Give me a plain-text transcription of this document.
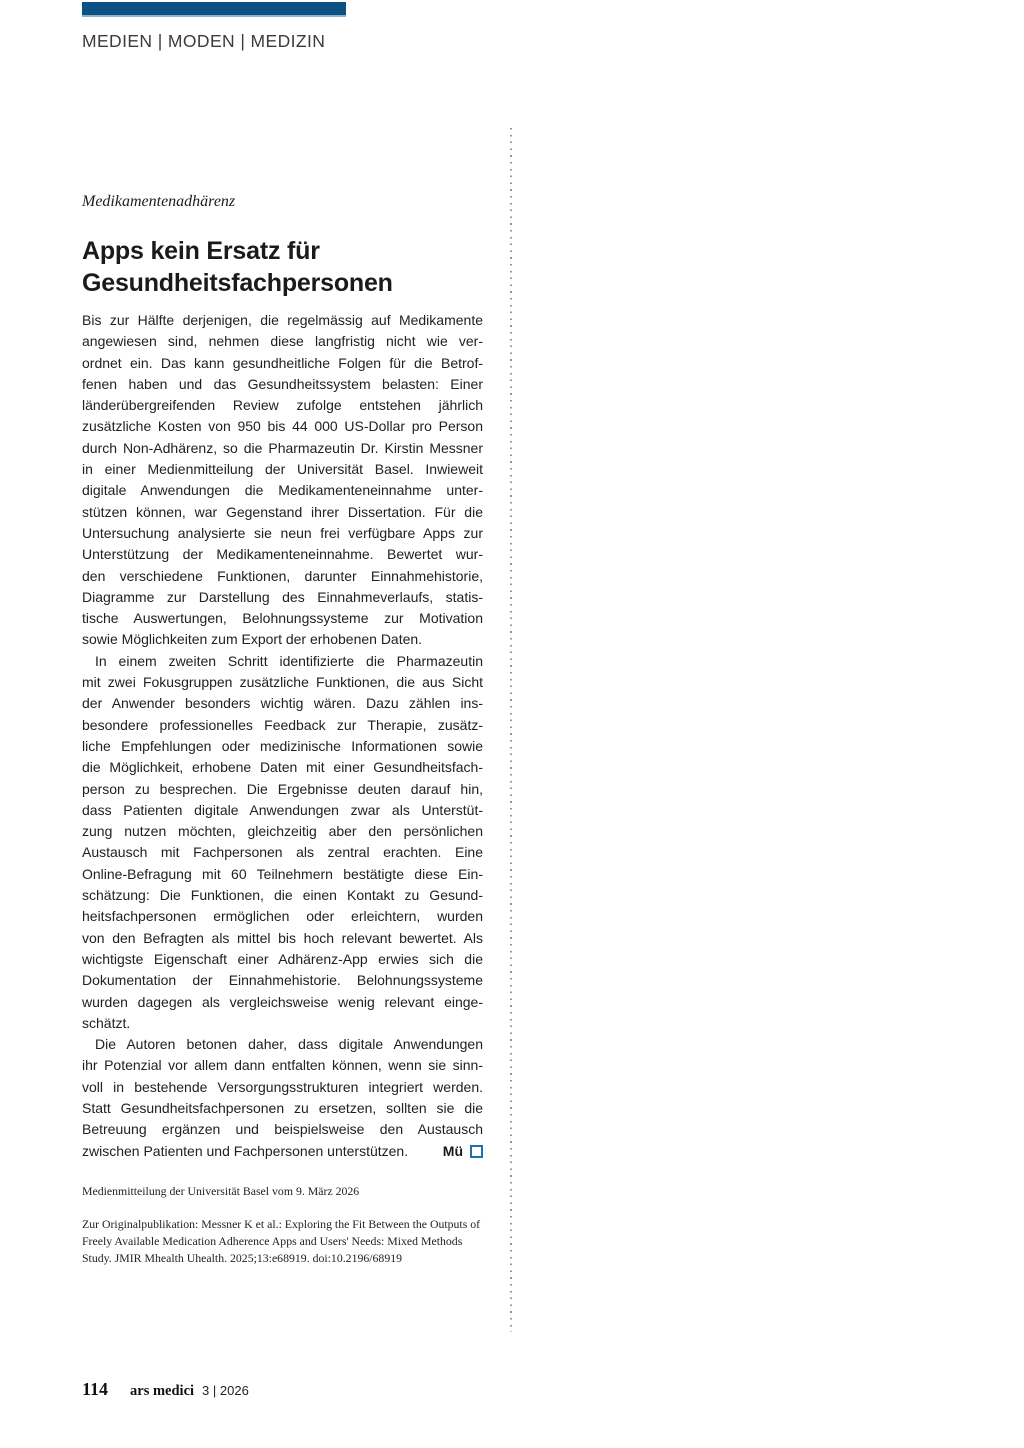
MEDIEN | MODEN | MEDIZIN

Medikamentenadhärenz

Apps kein Ersatz für
Gesundheitsfachpersonen
Bis zur Hälfte derjenigen, die regelmässig auf Medikamente
angewiesen sind, nehmen diese langfristig nicht wie ver-
ordnet ein. Das kann gesundheitliche Folgen für die Betrof-
fenen haben und das Gesundheitssystem belasten: Einer
länderübergreifenden Review zufolge entstehen jährlich
zusätzliche Kosten von 950 bis 44 000 US-Dollar pro Person
durch Non-Adhärenz, so die Pharmazeutin Dr. Kirstin Messner
in einer Medienmitteilung der Universität Basel. Inwieweit
digitale Anwendungen die Medikamenteneinnahme unter-
stützen können, war Gegenstand ihrer Dissertation. Für die
Untersuchung analysierte sie neun frei verfügbare Apps zur
Unterstützung der Medikamenteneinnahme. Bewertet wur-
den verschiedene Funktionen, darunter Einnahmehistorie,
Diagramme zur Darstellung des Einnahmeverlaufs, statis-
tische Auswertungen, Belohnungssysteme zur Motivation
sowie Möglichkeiten zum Export der erhobenen Daten.
In einem zweiten Schritt identifizierte die Pharmazeutin
mit zwei Fokusgruppen zusätzliche Funktionen, die aus Sicht
der Anwender besonders wichtig wären. Dazu zählen ins-
besondere professionelles Feedback zur Therapie, zusätz-
liche Empfehlungen oder medizinische Informationen sowie
die Möglichkeit, erhobene Daten mit einer Gesundheitsfach-
person zu besprechen. Die Ergebnisse deuten darauf hin,
dass Patienten digitale Anwendungen zwar als Unterstüt-
zung nutzen möchten, gleichzeitig aber den persönlichen
Austausch mit Fachpersonen als zentral erachten. Eine
Online-Befragung mit 60 Teilnehmern bestätigte diese Ein-
schätzung: Die Funktionen, die einen Kontakt zu Gesund-
heitsfachpersonen ermöglichen oder erleichtern, wurden
von den Befragten als mittel bis hoch relevant bewertet. Als
wichtigste Eigenschaft einer Adhärenz-App erwies sich die
Dokumentation der Einnahmehistorie. Belohnungssysteme
wurden dagegen als vergleichsweise wenig relevant einge-
schätzt.
Die Autoren betonen daher, dass digitale Anwendungen
ihr Potenzial vor allem dann entfalten können, wenn sie sinn-
voll in bestehende Versorgungsstrukturen integriert werden.
Statt Gesundheitsfachpersonen zu ersetzen, sollten sie die
Betreuung ergänzen und beispielsweise den Austausch
zwischen Patienten und Fachpersonen unterstützen. Mü
Medienmitteilung der Universität Basel vom 9. März 2026
Zur Originalpublikation: Messner K et al.: Exploring the Fit Between the Outputs of Freely Available Medication Adherence Apps and Users' Needs: Mixed Methods Study. JMIR Mhealth Uhealth. 2025;13:e68919. doi:10.2196/68919
114 ars medici 3 | 2026
